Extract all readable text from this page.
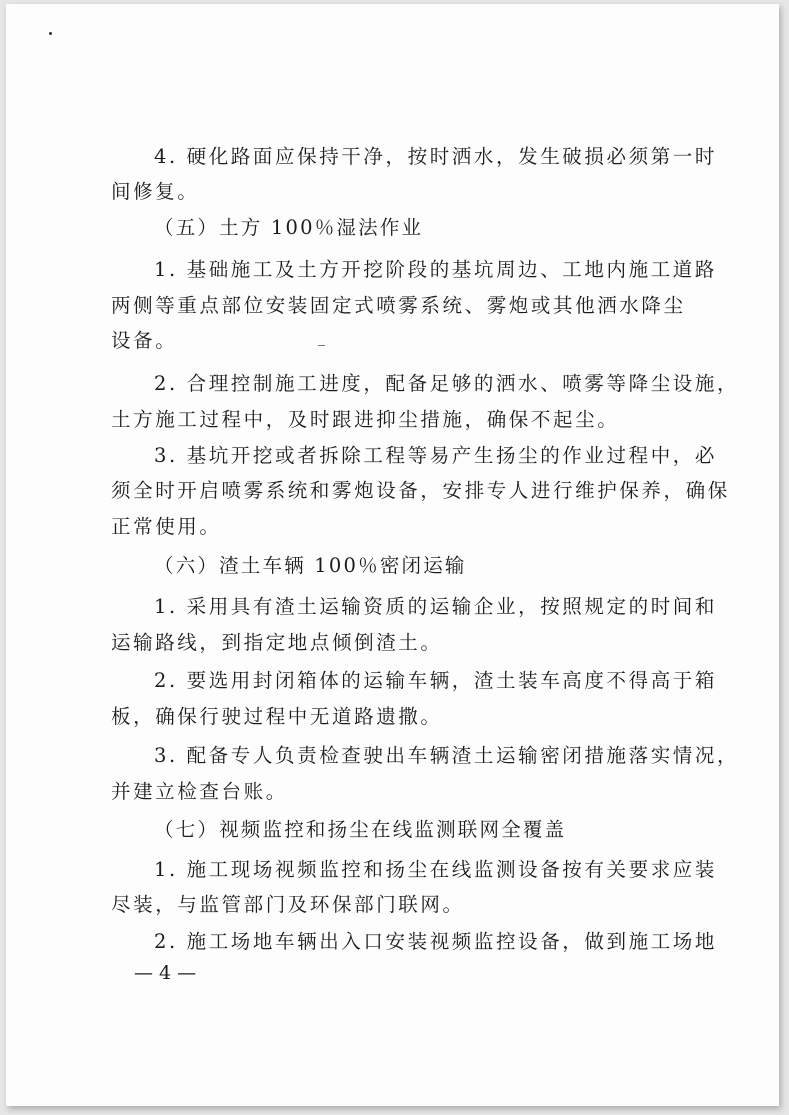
4. 硬化路面应保持干净，按时洒水，发生破损必须第一时

间修复。

（五）土方 100％湿法作业

1. 基础施工及土方开挖阶段的基坑周边、工地内施工道路

两侧等重点部位安装固定式喷雾系统、雾炮或其他洒水降尘

设备。

2. 合理控制施工进度，配备足够的洒水、喷雾等降尘设施，

土方施工过程中，及时跟进抑尘措施，确保不起尘。

3. 基坑开挖或者拆除工程等易产生扬尘的作业过程中，必

须全时开启喷雾系统和雾炮设备，安排专人进行维护保养，确保

正常使用。

（六）渣土车辆 100％密闭运输

1. 采用具有渣土运输资质的运输企业，按照规定的时间和

运输路线，到指定地点倾倒渣土。

2. 要选用封闭箱体的运输车辆，渣土装车高度不得高于箱

板，确保行驶过程中无道路遗撒。

3. 配备专人负责检查驶出车辆渣土运输密闭措施落实情况，

并建立检查台账。

（七）视频监控和扬尘在线监测联网全覆盖

1. 施工现场视频监控和扬尘在线监测设备按有关要求应装

尽装，与监管部门及环保部门联网。

2. 施工场地车辆出入口安装视频监控设备，做到施工场地

— 4 —
